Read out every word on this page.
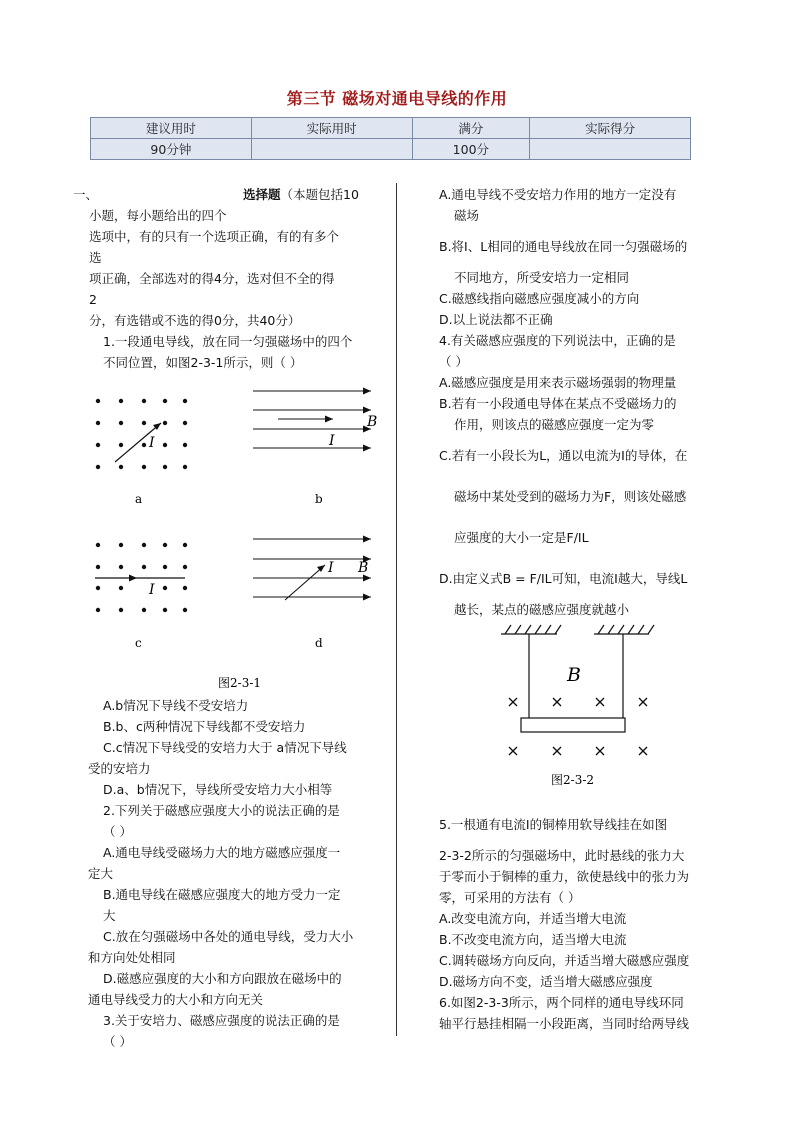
第三节 磁场对通电导线的作用
建议用时	实际用时	满分	实际得分
90分钟		100分	

一、	选择题（本题包括10

小题，每小题给出的四个

选项中，有的只有一个选项正确，有的有多个

选

项正确，全部选对的得4分，选对但不全的得

2

分，有选错或不选的得0分，共40分）

1.一段通电导线，放在同一匀强磁场中的四个

不同位置，如图2-3-1所示，则（ ）

I
a
B
I
b
I
c
I B
d
图2-3-1

A.b情况下导线不受安培力

B.b、c两种情况下导线都不受安培力

C.c情况下导线受的安培力大于 a情况下导线

受的安培力

D.a、b情况下，导线所受安培力大小相等

2.下列关于磁感应强度大小的说法正确的是

（ ）

A.通电导线受磁场力大的地方磁感应强度一

定大

B.通电导线在磁感应强度大的地方受力一定

大

C.放在匀强磁场中各处的通电导线，受力大小

和方向处处相同

D.磁感应强度的大小和方向跟放在磁场中的

通电导线受力的大小和方向无关

3.关于安培力、磁感应强度的说法正确的是

（ ）

A.通电导线不受安培力作用的地方一定没有

磁场

B.将I、L相同的通电导线放在同一匀强磁场的

不同地方，所受安培力一定相同

C.磁感线指向磁感应强度减小的方向

D.以上说法都不正确

4.有关磁感应强度的下列说法中，正确的是

（ ）

A.磁感应强度是用来表示磁场强弱的物理量

B.若有一小段通电导体在某点不受磁场力的

作用，则该点的磁感应强度一定为零

C.若有一小段长为L，通以电流为I的导体，在

磁场中某处受到的磁场力为F，则该处磁感

应强度的大小一定是F/IL

D.由定义式B = F/IL可知，电流I越大，导线L

越长，某点的磁感应强度就越小

B
图2-3-2

5.一根通有电流I的铜棒用软导线挂在如图

2-3-2所示的匀强磁场中，此时悬线的张力大

于零而小于铜棒的重力，欲使悬线中的张力为

零，可采用的方法有（ ）

A.改变电流方向，并适当增大电流

B.不改变电流方向，适当增大电流

C.调转磁场方向反向，并适当增大磁感应强度

D.磁场方向不变，适当增大磁感应强度

6.如图2-3-3所示，两个同样的通电导线环同

轴平行悬挂相隔一小段距离，当同时给两导线
